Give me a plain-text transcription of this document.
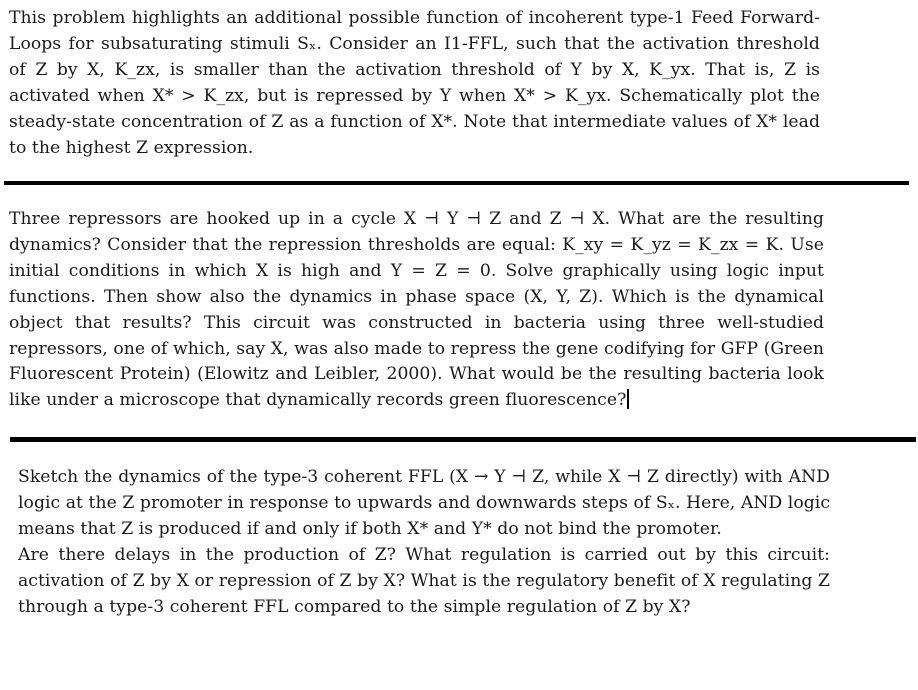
This problem highlights an additional possible function of incoherent type-1 Feed Forward-Loops for subsaturating stimuli Sₓ. Consider an I1-FFL, such that the activation threshold of Z by X, K_zx, is smaller than the activation threshold of Y by X, K_yx. That is, Z is activated when X* > K_zx, but is repressed by Y when X* > K_yx. Schematically plot the steady-state concentration of Z as a function of X*. Note that intermediate values of X* lead to the highest Z expression.

Three repressors are hooked up in a cycle X ⊣ Y ⊣ Z and Z ⊣ X. What are the resulting dynamics? Consider that the repression thresholds are equal: K_xy = K_yz = K_zx = K. Use initial conditions in which X is high and Y = Z = 0. Solve graphically using logic input functions. Then show also the dynamics in phase space (X, Y, Z). Which is the dynamical object that results? This circuit was constructed in bacteria using three well-studied repressors, one of which, say X, was also made to repress the gene codifying for GFP (Green Fluorescent Protein) (Elowitz and Leibler, 2000). What would be the resulting bacteria look like under a microscope that dynamically records green fluorescence?

Sketch the dynamics of the type-3 coherent FFL (X → Y ⊣ Z, while X ⊣ Z directly) with AND logic at the Z promoter in response to upwards and downwards steps of Sₓ. Here, AND logic means that Z is produced if and only if both X* and Y* do not bind the promoter.

Are there delays in the production of Z? What regulation is carried out by this circuit: activation of Z by X or repression of Z by X? What is the regulatory benefit of X regulating Z through a type-3 coherent FFL compared to the simple regulation of Z by X?
